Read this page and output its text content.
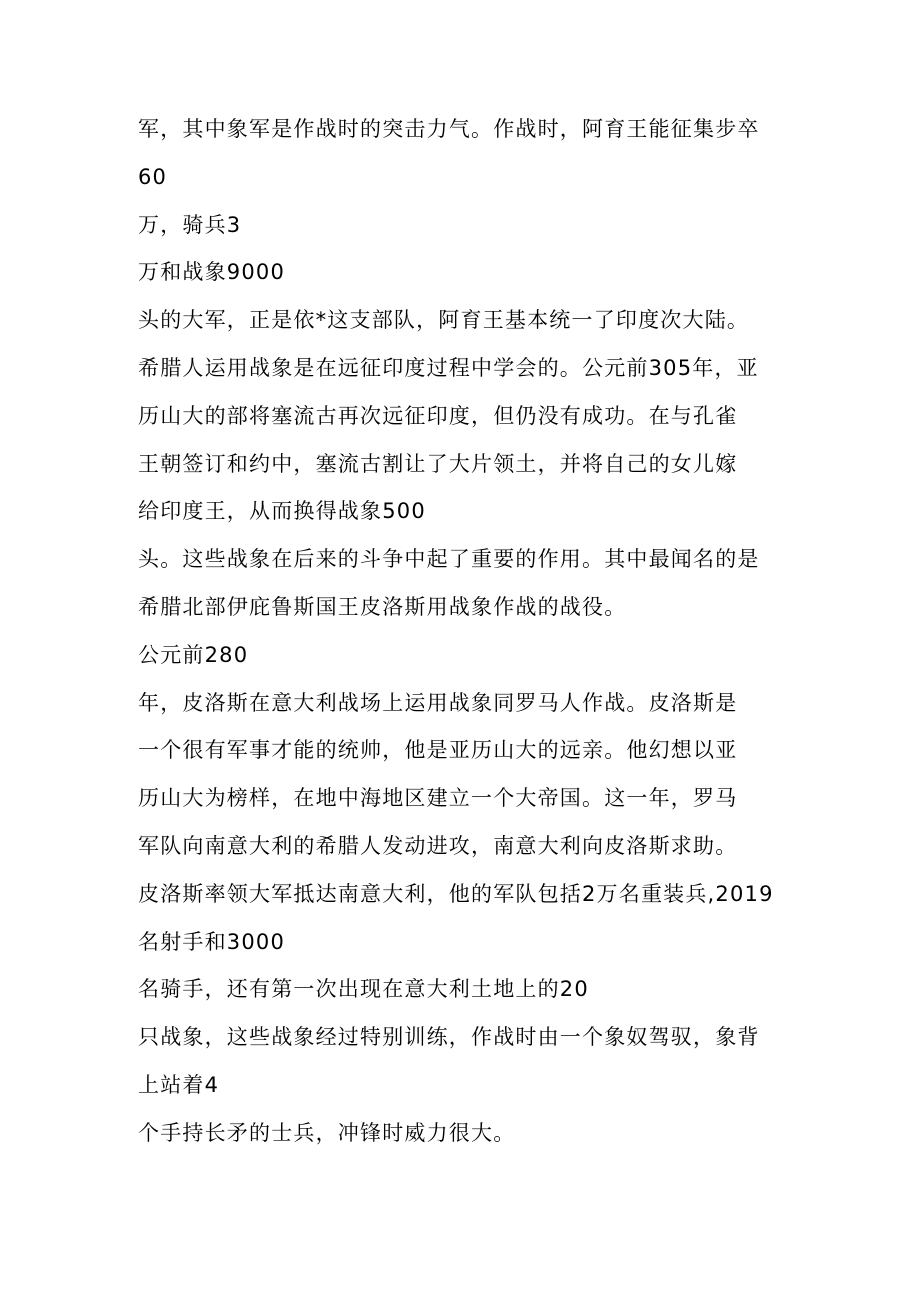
军，其中象军是作战时的突击力气。作战时，阿育王能征集步卒
60
万，骑兵3
万和战象9000
头的大军，正是依*这支部队，阿育王基本统一了印度次大陆。
希腊人运用战象是在远征印度过程中学会的。公元前305年，亚
历山大的部将塞流古再次远征印度，但仍没有成功。在与孔雀
王朝签订和约中，塞流古割让了大片领土，并将自己的女儿嫁
给印度王，从而换得战象500
头。这些战象在后来的斗争中起了重要的作用。其中最闻名的是
希腊北部伊庇鲁斯国王皮洛斯用战象作战的战役。
公元前280
年，皮洛斯在意大利战场上运用战象同罗马人作战。皮洛斯是
一个很有军事才能的统帅，他是亚历山大的远亲。他幻想以亚
历山大为榜样，在地中海地区建立一个大帝国。这一年，罗马
军队向南意大利的希腊人发动进攻，南意大利向皮洛斯求助。
皮洛斯率领大军抵达南意大利，他的军队包括2万名重装兵,2019
名射手和3000
名骑手，还有第一次出现在意大利土地上的20
只战象，这些战象经过特别训练，作战时由一个象奴驾驭，象背
上站着4
个手持长矛的士兵，冲锋时威力很大。
